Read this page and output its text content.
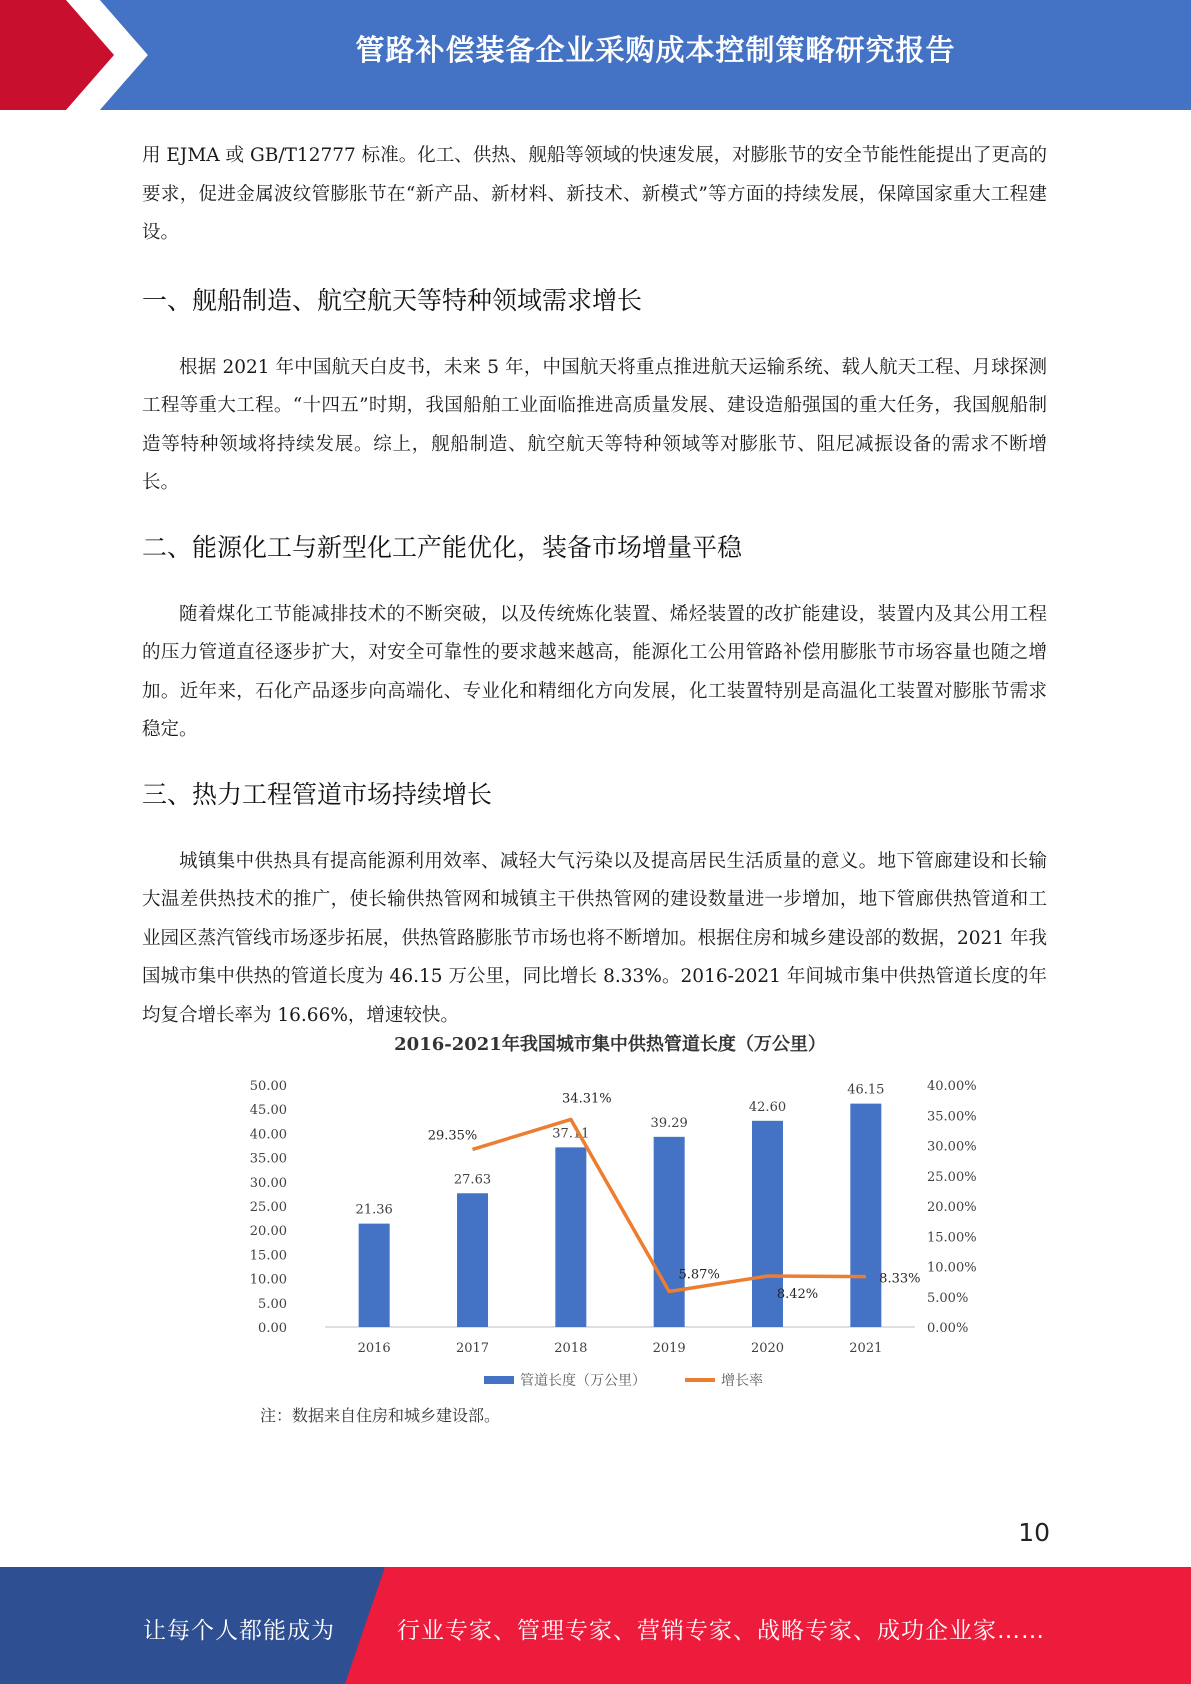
管路补偿装备企业采购成本控制策略研究报告

用 EJMA 或 GB/T12777 标准。化工、供热、舰船等领域的快速发展，对膨胀节的安全节能性能提出了更高的要求，促进金属波纹管膨胀节在“新产品、新材料、新技术、新模式”等方面的持续发展，保障国家重大工程建设。

一、舰船制造、航空航天等特种领域需求增长

根据 2021 年中国航天白皮书，未来 5 年，中国航天将重点推进航天运输系统、载人航天工程、月球探测工程等重大工程。“十四五”时期，我国船舶工业面临推进高质量发展、建设造船强国的重大任务，我国舰船制造等特种领域将持续发展。综上，舰船制造、航空航天等特种领域等对膨胀节、阻尼减振设备的需求不断增长。

二、能源化工与新型化工产能优化，装备市场增量平稳

随着煤化工节能减排技术的不断突破，以及传统炼化装置、烯烃装置的改扩能建设，装置内及其公用工程的压力管道直径逐步扩大，对安全可靠性的要求越来越高，能源化工公用管路补偿用膨胀节市场容量也随之增加。近年来，石化产品逐步向高端化、专业化和精细化方向发展，化工装置特别是高温化工装置对膨胀节需求稳定。

三、热力工程管道市场持续增长

城镇集中供热具有提高能源利用效率、减轻大气污染以及提高居民生活质量的意义。地下管廊建设和长输大温差供热技术的推广，使长输供热管网和城镇主干供热管网的建设数量进一步增加，地下管廊供热管道和工业园区蒸汽管线市场逐步拓展，供热管路膨胀节市场也将不断增加。根据住房和城乡建设部的数据，2021 年我国城市集中供热的管道长度为 46.15 万公里，同比增长 8.33%。2016-2021 年间城市集中供热管道长度的年均复合增长率为 16.66%，增速较快。

2016-2021年我国城市集中供热管道长度（万公里）
0.00
5.00
10.00
15.00
20.00
25.00
30.00
35.00
40.00
45.00
50.00
0.00%
5.00%
10.00%
15.00%
20.00%
25.00%
30.00%
35.00%
40.00%
21.36
27.63
37.11
39.29
42.60
46.15
29.35%
34.31%
5.87%
8.42%
8.33%
2016	2017	2018	2019	2020	2021
管道长度（万公里）	增长率
注：数据来自住房和城乡建设部。
10
让每个人都能成为	行业专家、管理专家、营销专家、战略专家、成功企业家……
